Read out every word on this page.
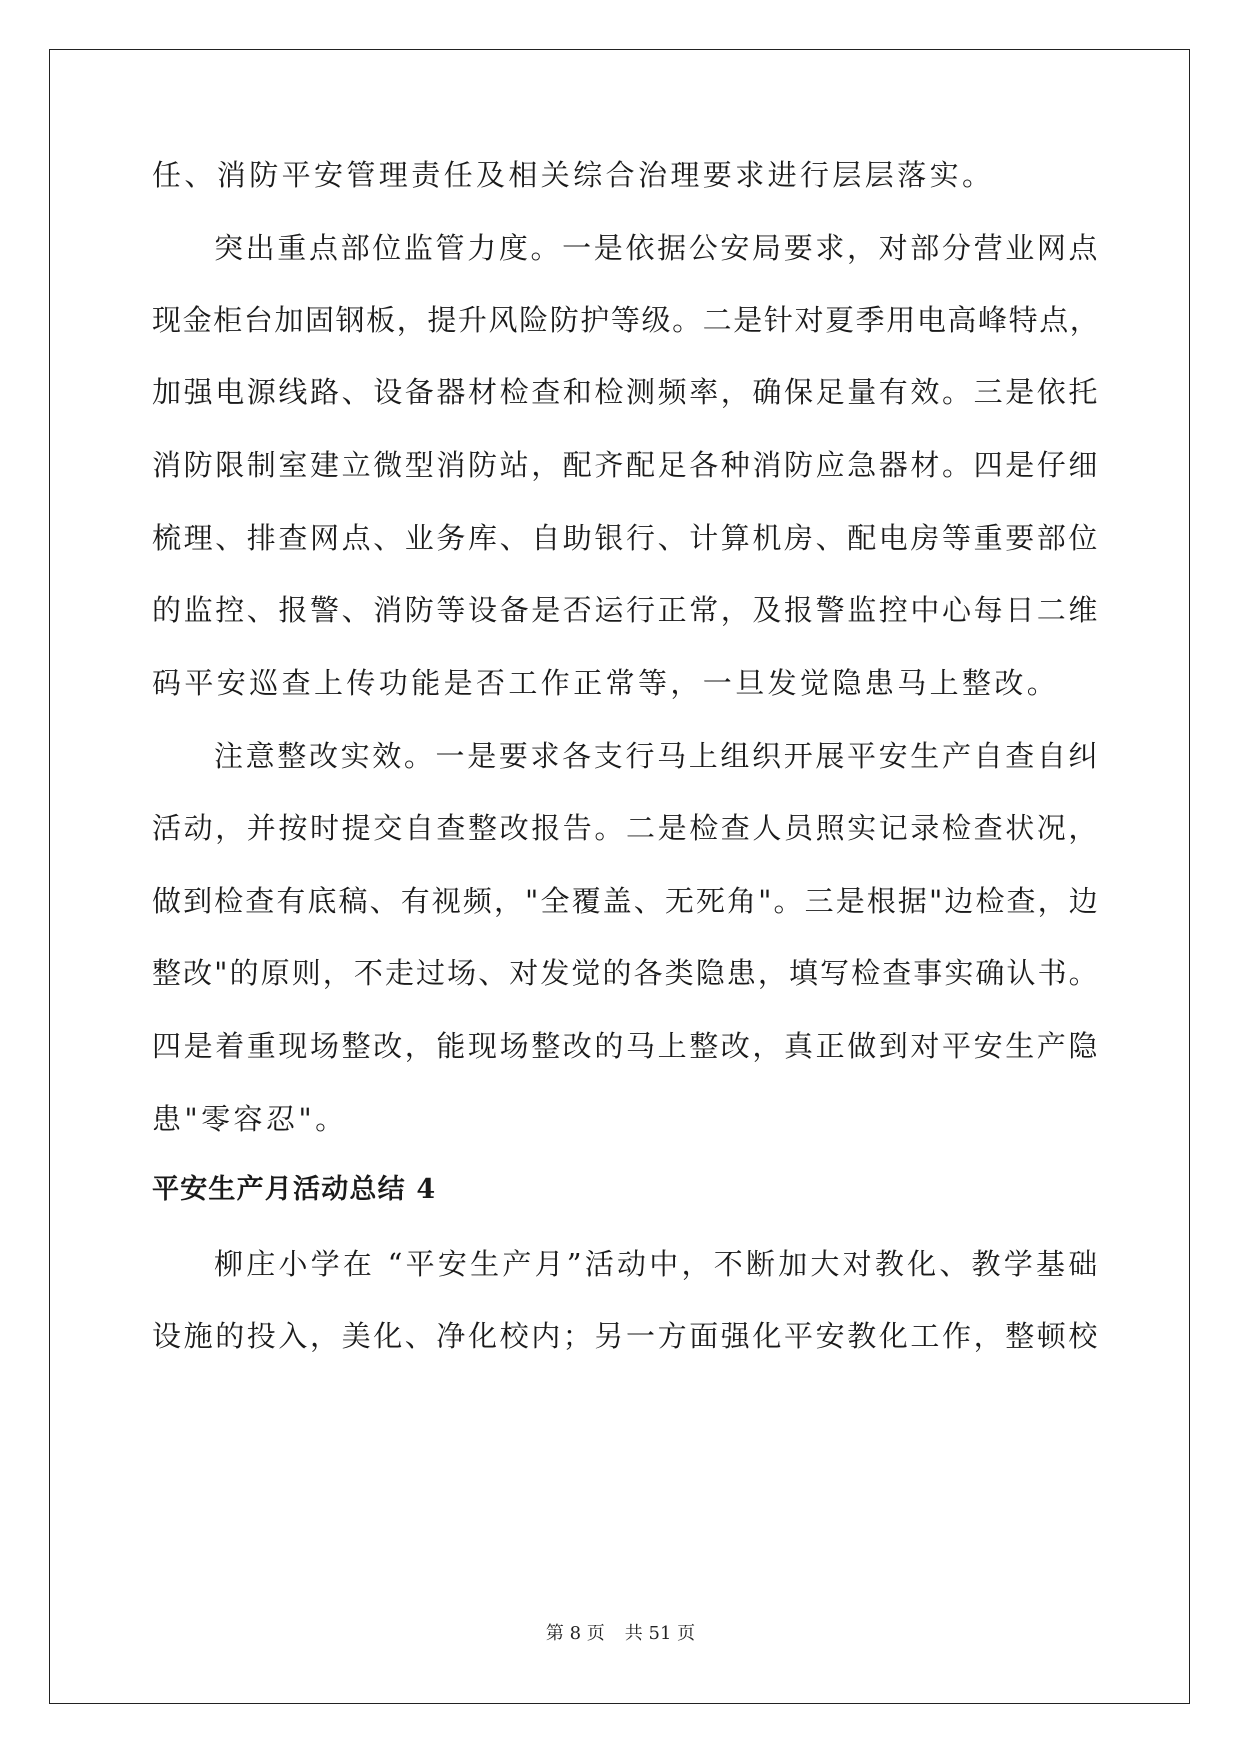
任、消防平安管理责任及相关综合治理要求进行层层落实。

突出重点部位监管力度。一是依据公安局要求，对部分营业网点

现金柜台加固钢板，提升风险防护等级。二是针对夏季用电高峰特点，

加强电源线路、设备器材检查和检测频率，确保足量有效。三是依托

消防限制室建立微型消防站，配齐配足各种消防应急器材。四是仔细

梳理、排查网点、业务库、自助银行、计算机房、配电房等重要部位

的监控、报警、消防等设备是否运行正常，及报警监控中心每日二维

码平安巡查上传功能是否工作正常等，一旦发觉隐患马上整改。

注意整改实效。一是要求各支行马上组织开展平安生产自查自纠

活动，并按时提交自查整改报告。二是检查人员照实记录检查状况，

做到检查有底稿、有视频，"全覆盖、无死角"。三是根据"边检查，边

整改"的原则，不走过场、对发觉的各类隐患，填写检查事实确认书。

四是着重现场整改，能现场整改的马上整改，真正做到对平安生产隐

患"零容忍"。

平安生产月活动总结 4

柳庄小学在 “平安生产月”活动中，不断加大对教化、教学基础

设施的投入，美化、净化校内；另一方面强化平安教化工作，整顿校

第 8 页 共 51 页
